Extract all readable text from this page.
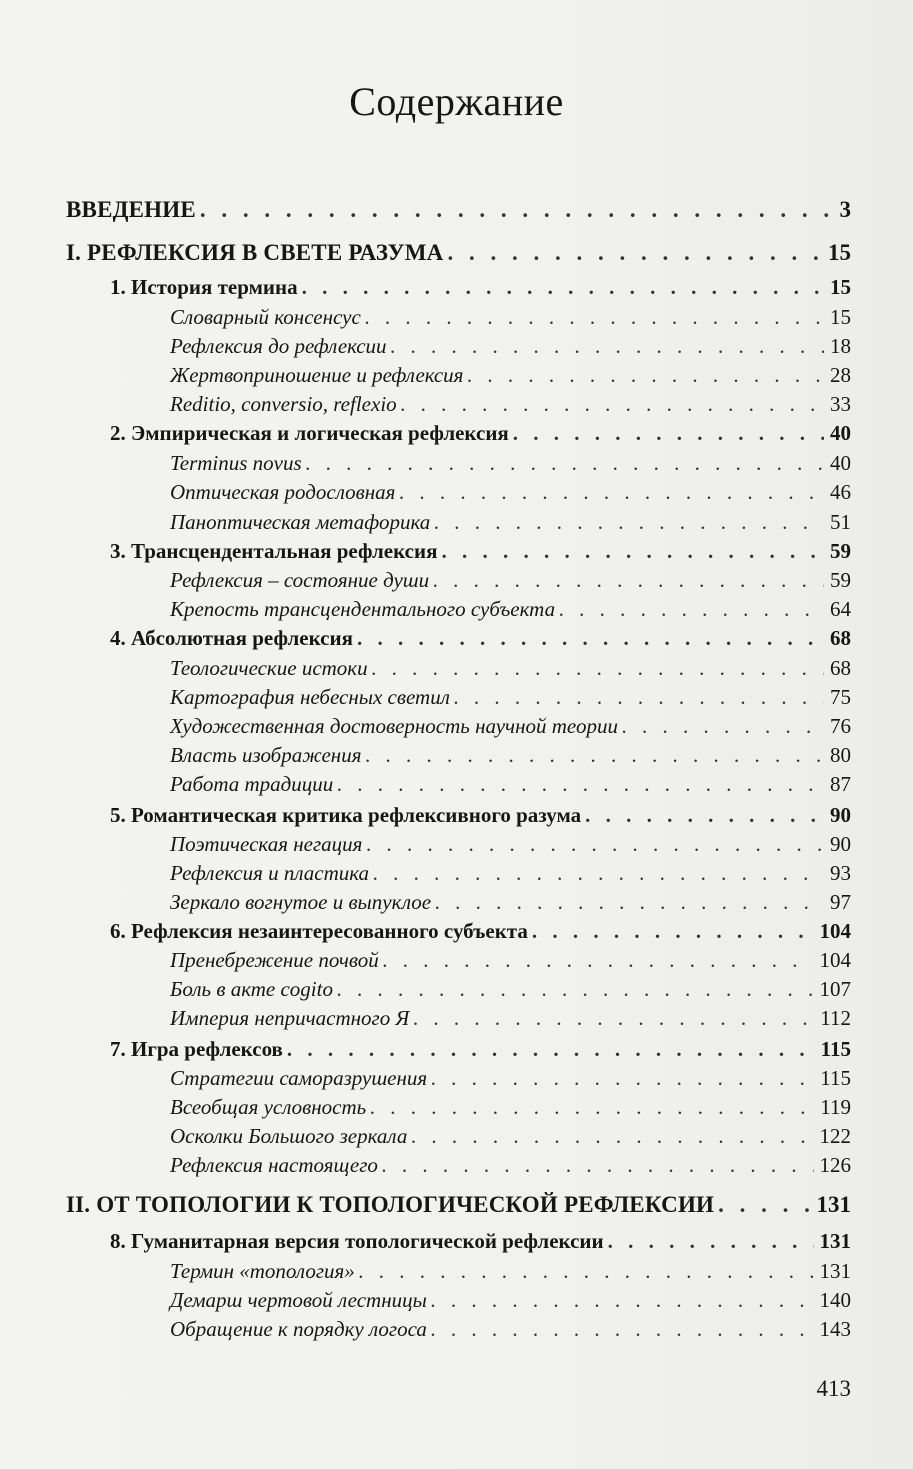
Содержание
ВВЕДЕНИЕ . . .	3
I. РЕФЛЕКСИЯ В СВЕТЕ РАЗУМА . . .	15
1. История термина . . .	15
Словарный консенсус . . .	15
Рефлексия до рефлексии . . .	18
Жертвоприношение и рефлексия . . .	28
Reditio, conversio, reflexio . . .	33
2. Эмпирическая и логическая рефлексия . . .	40
Terminus novus . . .	40
Оптическая родословная . . .	46
Паноптическая метафорика . . .	51
3. Трансцендентальная рефлексия . . .	59
Рефлексия – состояние души . . .	59
Крепость трансцендентального субъекта . . .	64
4. Абсолютная рефлексия . . .	68
Теологические истоки . . .	68
Картография небесных светил . . .	75
Художественная достоверность научной теории . . .	76
Власть изображения . . .	80
Работа традиции . . .	87
5. Романтическая критика рефлексивного разума . . .	90
Поэтическая негация . . .	90
Рефлексия и пластика . . .	93
Зеркало вогнутое и выпуклое . . .	97
6. Рефлексия незаинтересованного субъекта . . .	104
Пренебрежение почвой . . .	104
Боль в акте cogito . . .	107
Империя непричастного Я . . .	112
7. Игра рефлексов . . .	115
Стратегии саморазрушения . . .	115
Всеобщая условность . . .	119
Осколки Большого зеркала . . .	122
Рефлексия настоящего . . .	126
II. ОТ ТОПОЛОГИИ К ТОПОЛОГИЧЕСКОЙ РЕФЛЕКСИИ . . .	131
8. Гуманитарная версия топологической рефлексии . . .	131
Термин «топология» . . .	131
Демарш чертовой лестницы . . .	140
Обращение к порядку логоса . . .	143
413
